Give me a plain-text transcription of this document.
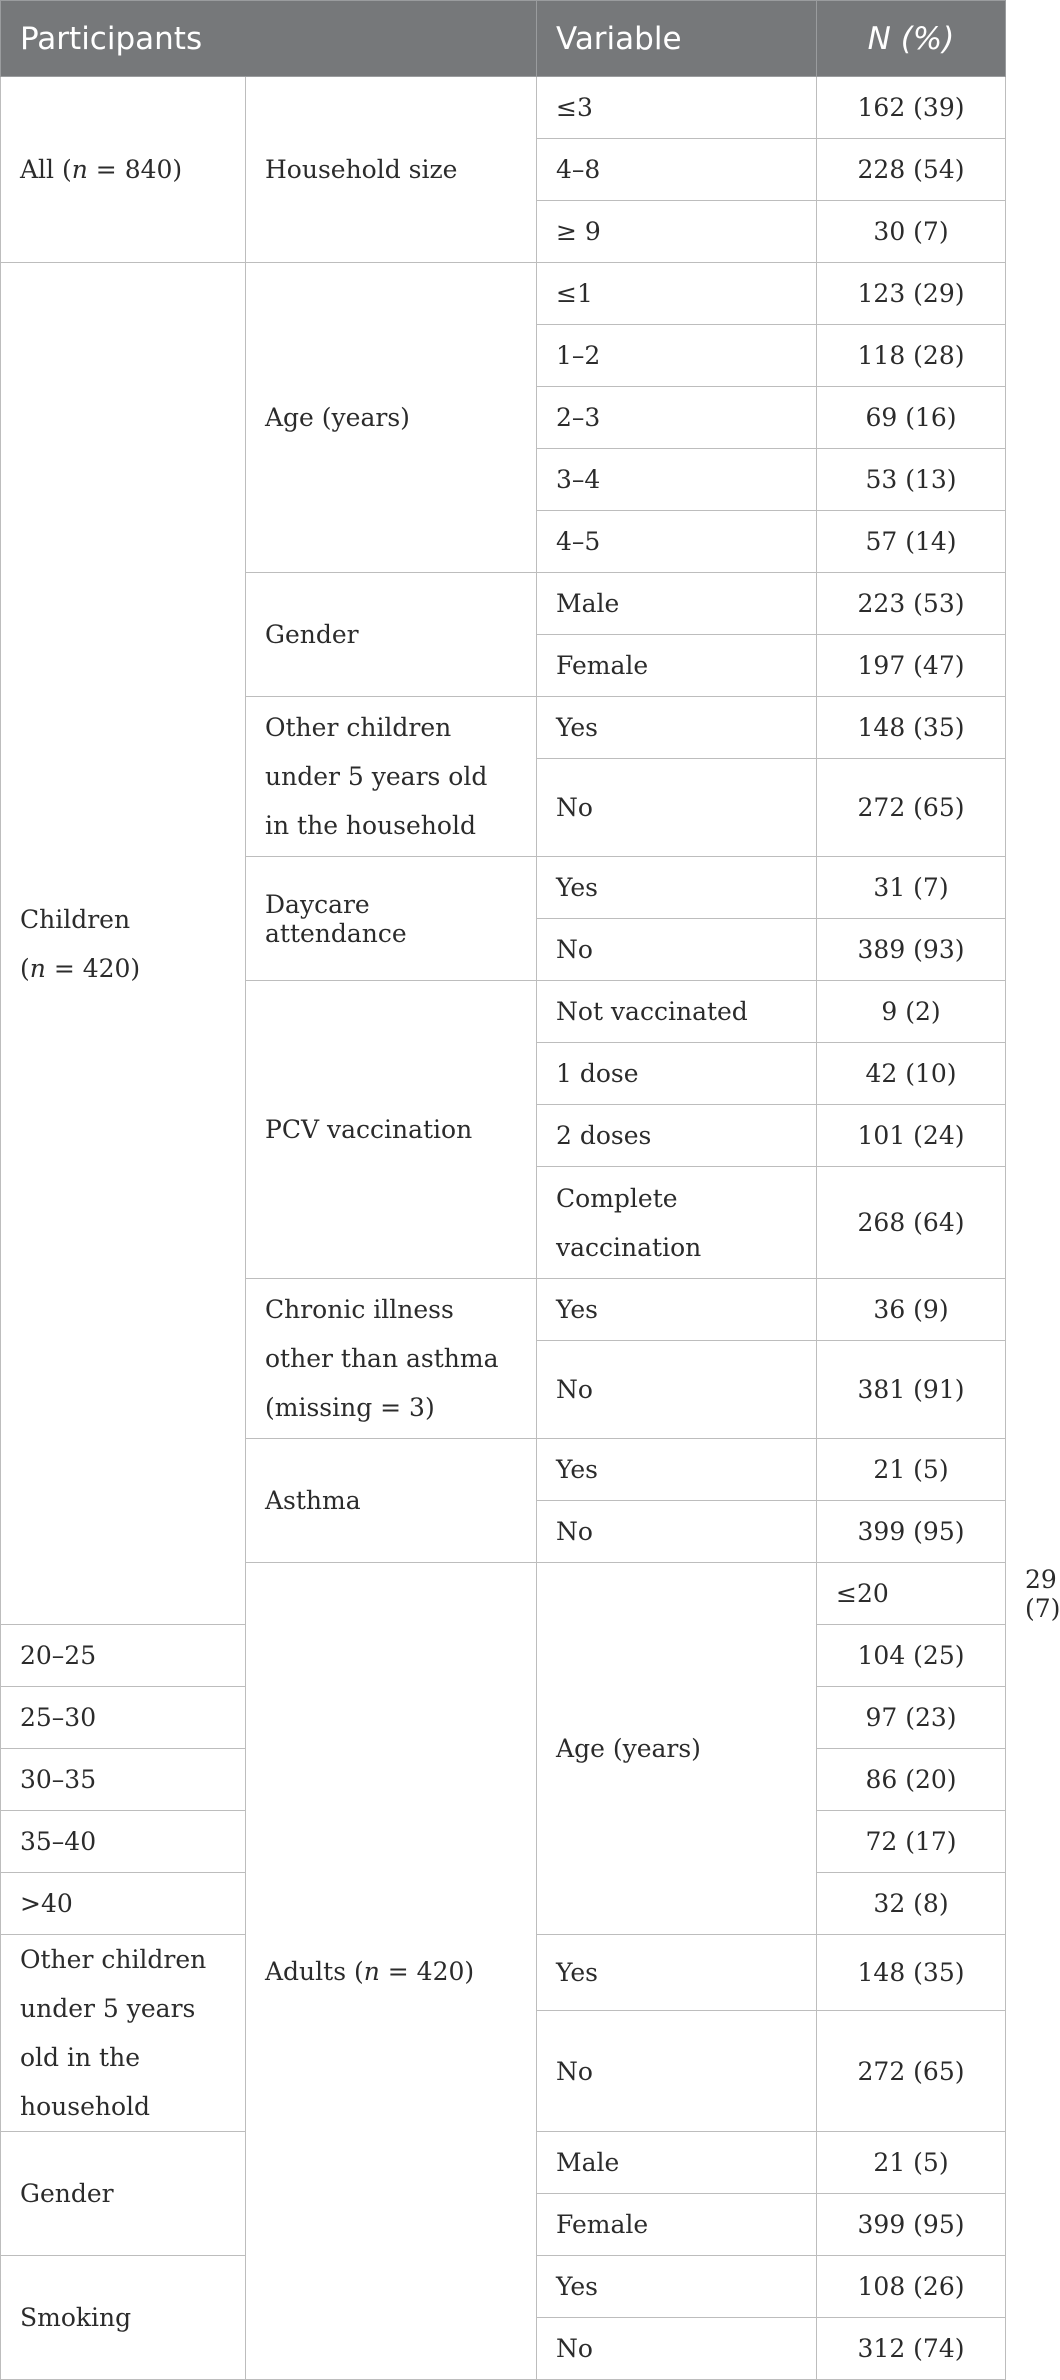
Participants		Variable	N (%)	
All (n = 840)	Household size	≤3	162 (39)	
		4–8	228 (54)	
		≥ 9	30 (7)	
Children
(n = 420)	Age (years)	≤1	123 (29)	
		1–2	118 (28)	
		2–3	69 (16)	
		3–4	53 (13)	
		4–5	57 (14)	
	Gender	Male	223 (53)	
		Female	197 (47)	
	Other children under 5 years old in the household	Yes	148 (35)	
		No	272 (65)	
	Daycare attendance	Yes	31 (7)	
		No	389 (93)	
	PCV vaccination	Not vaccinated	9 (2)	
		1 dose	42 (10)	
		2 doses	101 (24)	
		Complete vaccination	268 (64)	
	Chronic illness other than asthma (missing = 3)	Yes	36 (9)	
		No	381 (91)	
	Asthma	Yes	21 (5)	
		No	399 (95)	
	Adults (n = 420)	Age (years)	≤20	29 (7)
20–25			104 (25)	
25–30			97 (23)	
30–35			86 (20)	
35–40			72 (17)	
>40			32 (8)	
Other children under 5 years old in the household		Yes	148 (35)	
		No	272 (65)	
Gender		Male	21 (5)	
		Female	399 (95)	
Smoking		Yes	108 (26)	
		No	312 (74)	
